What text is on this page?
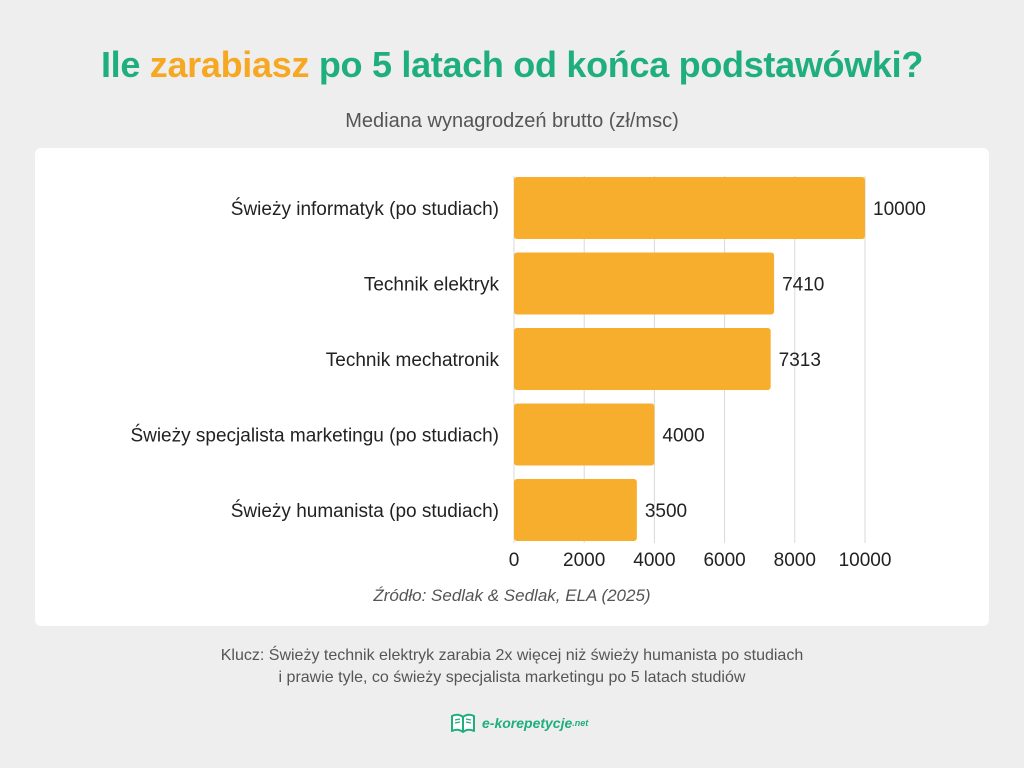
Ile zarabiasz po 5 latach od końca podstawówki?
Mediana wynagrodzeń brutto (zł/msc)
Świeży informatyk (po studiach)	10000
Technik elektryk	7410
Technik mechatronik	7313
Świeży specjalista marketingu (po studiach)	4000
Świeży humanista (po studiach)	3500
0 2000 4000 6000 8000 10000
Źródło: Sedlak & Sedlak, ELA (2025)
Klucz: Świeży technik elektryk zarabia 2x więcej niż świeży humanista po studiach
i prawie tyle, co świeży specjalista marketingu po 5 latach studiów
e-korepetycje .net
